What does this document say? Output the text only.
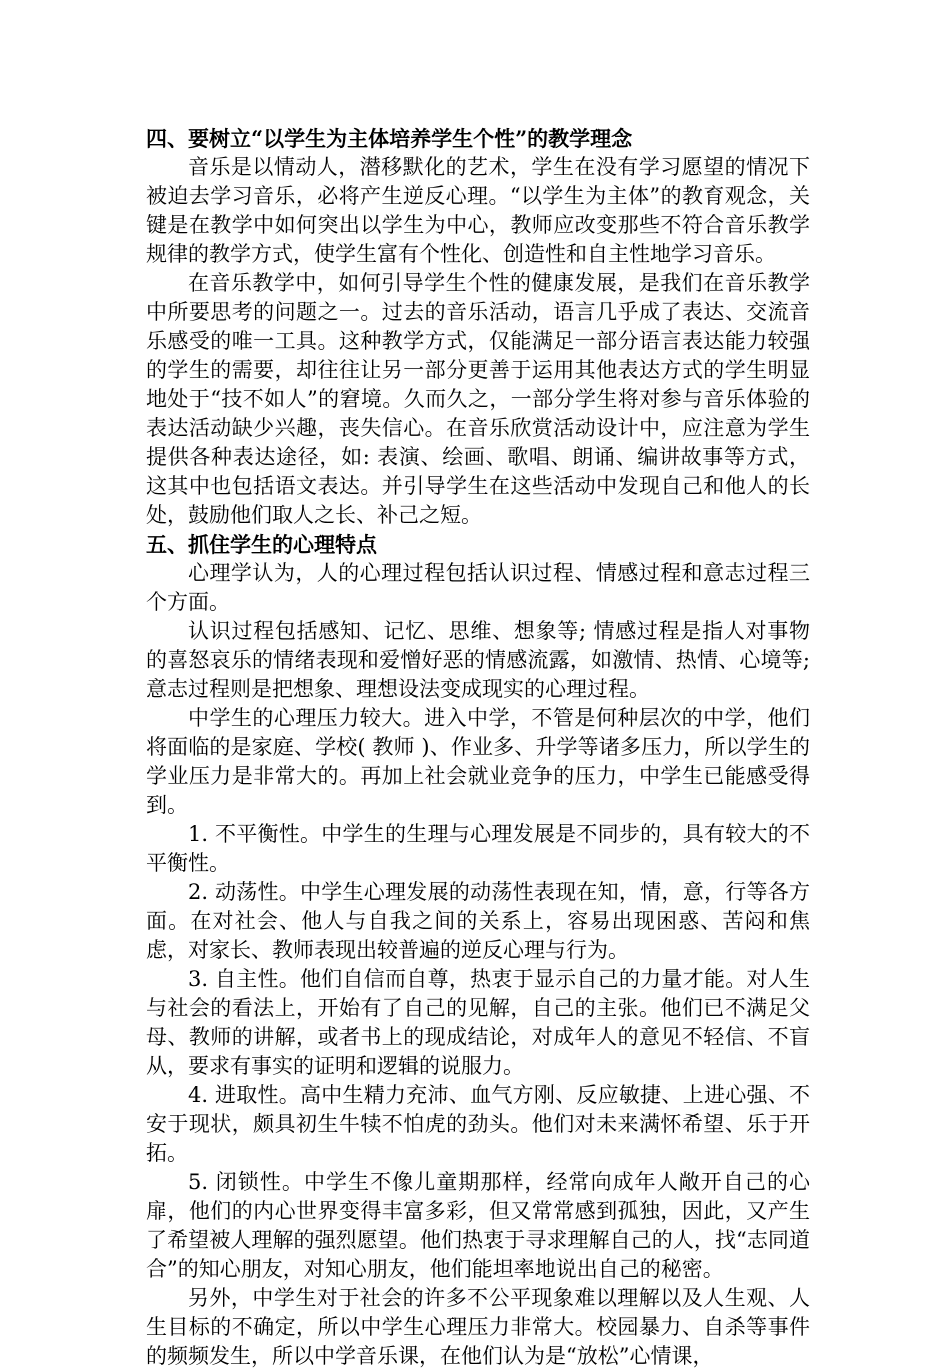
四、要树立“以学生为主体培养学生个性”的教学理念

音乐是以情动人，潜移默化的艺术，学生在没有学习愿望的情况下被迫去学习音乐，必将产生逆反心理。“以学生为主体”的教育观念，关键是在教学中如何突出以学生为中心，教师应改变那些不符合音乐教学规律的教学方式，使学生富有个性化、创造性和自主性地学习音乐。

在音乐教学中，如何引导学生个性的健康发展，是我们在音乐教学中所要思考的问题之一。过去的音乐活动，语言几乎成了表达、交流音乐感受的唯一工具。这种教学方式，仅能满足一部分语言表达能力较强的学生的需要，却往往让另一部分更善于运用其他表达方式的学生明显地处于“技不如人”的窘境。久而久之，一部分学生将对参与音乐体验的表达活动缺少兴趣，丧失信心。在音乐欣赏活动设计中，应注意为学生提供各种表达途径，如: 表演、绘画、歌唱、朗诵、编讲故事等方式，这其中也包括语文表达。并引导学生在这些活动中发现自己和他人的长处，鼓励他们取人之长、补己之短。

五、抓住学生的心理特点

心理学认为，人的心理过程包括认识过程、情感过程和意志过程三个方面。

认识过程包括感知、记忆、思维、想象等; 情感过程是指人对事物的喜怒哀乐的情绪表现和爱憎好恶的情感流露，如激情、热情、心境等; 意志过程则是把想象、理想设法变成现实的心理过程。

中学生的心理压力较大。进入中学，不管是何种层次的中学，他们将面临的是家庭、学校( 教师 )、作业多、升学等诸多压力，所以学生的学业压力是非常大的。再加上社会就业竞争的压力，中学生已能感受得到。

1. 不平衡性。中学生的生理与心理发展是不同步的，具有较大的不平衡性。

2. 动荡性。中学生心理发展的动荡性表现在知，情，意，行等各方面。在对社会、他人与自我之间的关系上，容易出现困惑、苦闷和焦虑，对家长、教师表现出较普遍的逆反心理与行为。

3. 自主性。他们自信而自尊，热衷于显示自己的力量才能。对人生与社会的看法上，开始有了自己的见解，自己的主张。他们已不满足父母、教师的讲解，或者书上的现成结论，对成年人的意见不轻信、不盲从，要求有事实的证明和逻辑的说服力。

4. 进取性。高中生精力充沛、血气方刚、反应敏捷、上进心强、不安于现状，颇具初生牛犊不怕虎的劲头。他们对未来满怀希望、乐于开拓。

5. 闭锁性。中学生不像儿童期那样，经常向成年人敞开自己的心扉，他们的内心世界变得丰富多彩，但又常常感到孤独，因此，又产生了希望被人理解的强烈愿望。他们热衷于寻求理解自己的人，找“志同道合”的知心朋友，对知心朋友，他们能坦率地说出自己的秘密。

另外，中学生对于社会的许多不公平现象难以理解以及人生观、人生目标的不确定，所以中学生心理压力非常大。校园暴力、自杀等事件的频频发生，所以中学音乐课，在他们认为是“放松”心情课，
